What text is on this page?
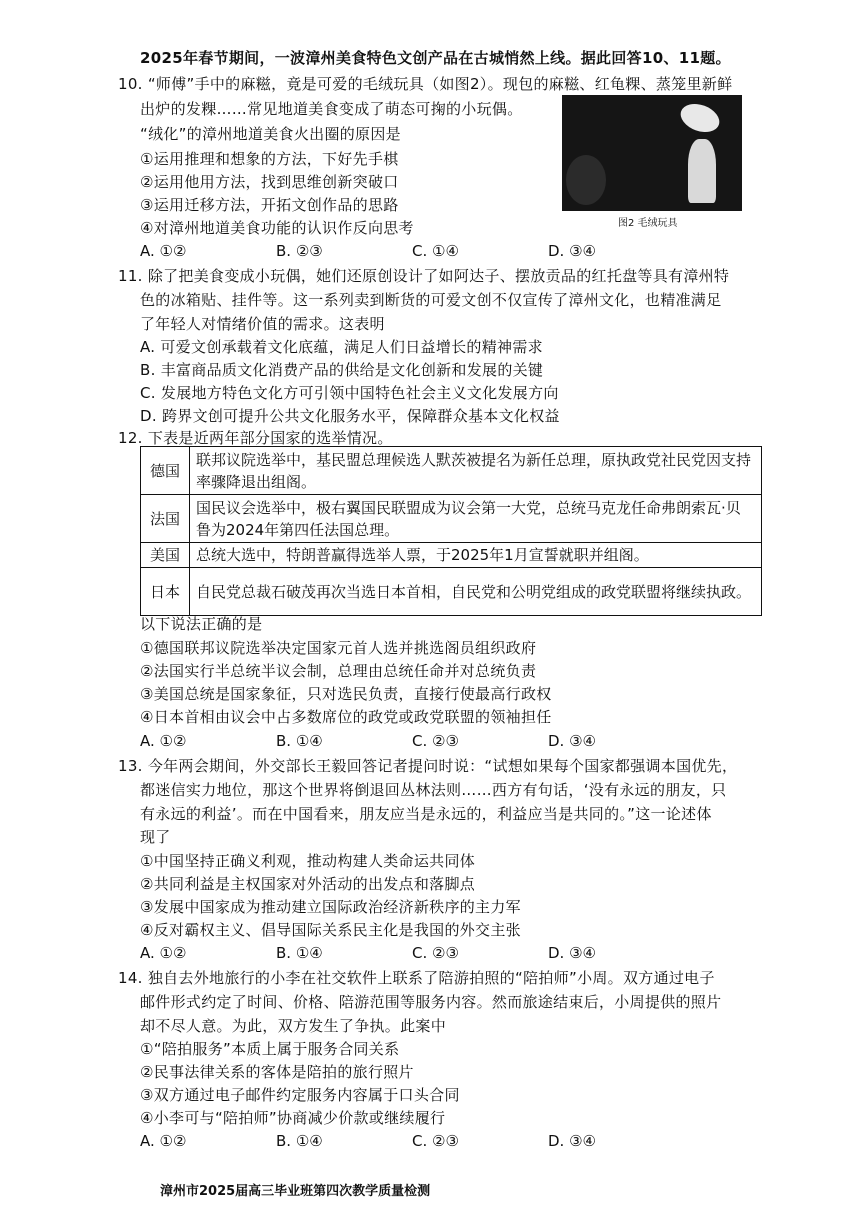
2025年春节期间，一波漳州美食特色文创产品在古城悄然上线。据此回答10、11题。
10. “师傅”手中的麻糍，竟是可爱的毛绒玩具（如图2）。现包的麻糍、红龟粿、蒸笼里新鲜
出炉的发粿……常见地道美食变成了萌态可掬的小玩偶。
“绒化”的漳州地道美食火出圈的原因是
①运用推理和想象的方法，下好先手棋
②运用他用方法，找到思维创新突破口
③运用迁移方法，开拓文创作品的思路
④对漳州地道美食功能的认识作反向思考	图2 毛绒玩具
A. ①②	B. ②③	C. ①④	D. ③④
11. 除了把美食变成小玩偶，她们还原创设计了如阿达子、摆放贡品的红托盘等具有漳州特
色的冰箱贴、挂件等。这一系列卖到断货的可爱文创不仅宣传了漳州文化，也精准满足
了年轻人对情绪价值的需求。这表明
A. 可爱文创承载着文化底蕴，满足人们日益增长的精神需求
B. 丰富商品质文化消费产品的供给是文化创新和发展的关键
C. 发展地方特色文化方可引领中国特色社会主义文化发展方向
D. 跨界文创可提升公共文化服务水平，保障群众基本文化权益
12. 下表是近两年部分国家的选举情况。
德国	联邦议院选举中，基民盟总理候选人默茨被提名为新任总理，原执政党社民党因支持率骤降退出组阁。
法国	国民议会选举中，极右翼国民联盟成为议会第一大党，总统马克龙任命弗朗索瓦·贝鲁为2024年第四任法国总理。
美国	总统大选中，特朗普赢得选举人票，于2025年1月宣誓就职并组阁。
日本	自民党总裁石破茂再次当选日本首相，自民党和公明党组成的政党联盟将继续执政。
以下说法正确的是
①德国联邦议院选举决定国家元首人选并挑选阁员组织政府
②法国实行半总统半议会制，总理由总统任命并对总统负责
③美国总统是国家象征，只对选民负责，直接行使最高行政权
④日本首相由议会中占多数席位的政党或政党联盟的领袖担任
A. ①②	B. ①④	C. ②③	D. ③④
13. 今年两会期间，外交部长王毅回答记者提问时说：“试想如果每个国家都强调本国优先，
都迷信实力地位，那这个世界将倒退回丛林法则……西方有句话，‘没有永远的朋友，只
有永远的利益’。而在中国看来，朋友应当是永远的，利益应当是共同的。”这一论述体
现了
①中国坚持正确义利观，推动构建人类命运共同体
②共同利益是主权国家对外活动的出发点和落脚点
③发展中国家成为推动建立国际政治经济新秩序的主力军
④反对霸权主义、倡导国际关系民主化是我国的外交主张
A. ①②	B. ①④	C. ②③	D. ③④
14. 独自去外地旅行的小李在社交软件上联系了陪游拍照的“陪拍师”小周。双方通过电子
邮件形式约定了时间、价格、陪游范围等服务内容。然而旅途结束后，小周提供的照片
却不尽人意。为此，双方发生了争执。此案中
①“陪拍服务”本质上属于服务合同关系
②民事法律关系的客体是陪拍的旅行照片
③双方通过电子邮件约定服务内容属于口头合同
④小李可与“陪拍师”协商减少价款或继续履行
A. ①②	B. ①④	C. ②③	D. ③④
漳州市2025届高三毕业班第四次教学质量检测
